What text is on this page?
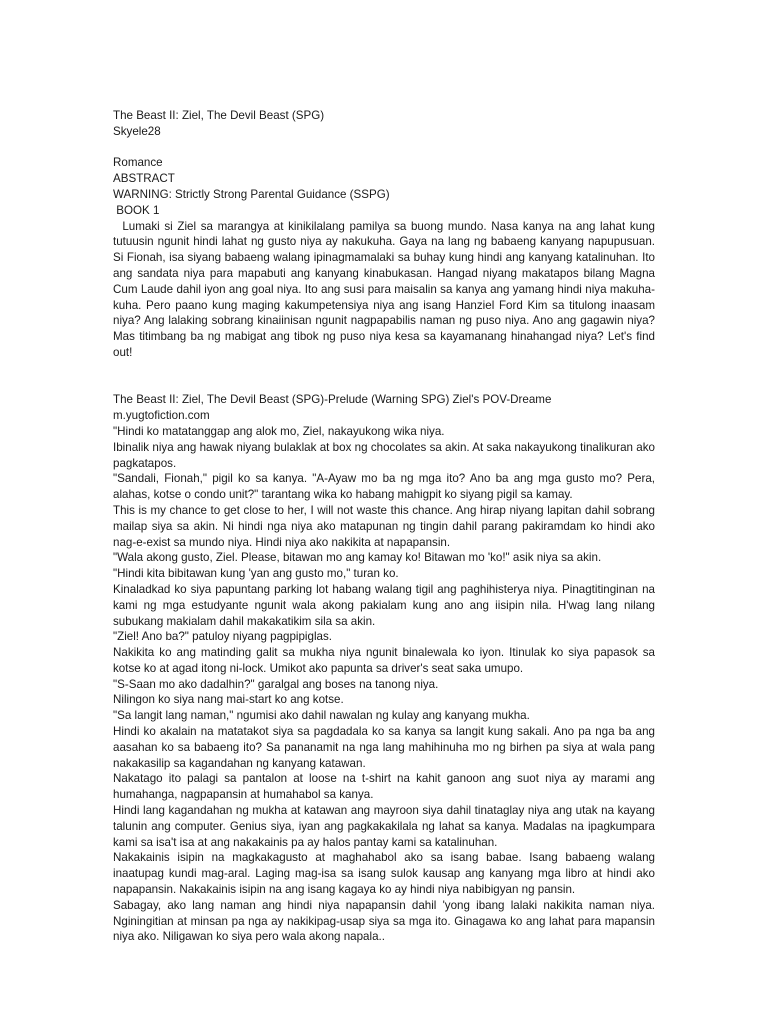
The Beast II: Ziel, The Devil Beast (SPG)
Skyele28
Romance
ABSTRACT
WARNING: Strictly Strong Parental Guidance (SSPG)
BOOK 1

Lumaki si Ziel sa marangya at kinikilalang pamilya sa buong mundo. Nasa kanya na ang lahat kung tutuusin ngunit hindi lahat ng gusto niya ay nakukuha. Gaya na lang ng babaeng kanyang napupusuan. Si Fionah, isa siyang babaeng walang ipinagmamalaki sa buhay kung hindi ang kanyang katalinuhan. Ito ang sandata niya para mapabuti ang kanyang kinabukasan. Hangad niyang makatapos bilang Magna Cum Laude dahil iyon ang goal niya. Ito ang susi para maisalin sa kanya ang yamang hindi niya makuha-kuha. Pero paano kung maging kakumpetensiya niya ang isang Hanziel Ford Kim sa titulong inaasam niya? Ang lalaking sobrang kinaiinisan ngunit nagpapabilis naman ng puso niya. Ano ang gagawin niya? Mas titimbang ba ng mabigat ang tibok ng puso niya kesa sa kayamanang hinahangad niya? Let's find out!

The Beast II: Ziel, The Devil Beast (SPG)-Prelude (Warning SPG) Ziel's POV-Dreame
m.yugtofiction.com

"Hindi ko matatanggap ang alok mo, Ziel, nakayukong wika niya.

Ibinalik niya ang hawak niyang bulaklak at box ng chocolates sa akin. At saka nakayukong tinalikuran ako pagkatapos.

"Sandali, Fionah," pigil ko sa kanya. "A-Ayaw mo ba ng mga ito? Ano ba ang mga gusto mo? Pera, alahas, kotse o condo unit?" tarantang wika ko habang mahigpit ko siyang pigil sa kamay.

This is my chance to get close to her, I will not waste this chance. Ang hirap niyang lapitan dahil sobrang mailap siya sa akin. Ni hindi nga niya ako matapunan ng tingin dahil parang pakiramdam ko hindi ako nag-e-exist sa mundo niya. Hindi niya ako nakikita at napapansin.

"Wala akong gusto, Ziel. Please, bitawan mo ang kamay ko! Bitawan mo 'ko!" asik niya sa akin.

"Hindi kita bibitawan kung 'yan ang gusto mo," turan ko.

Kinaladkad ko siya papuntang parking lot habang walang tigil ang paghihisterya niya. Pinagtitinginan na kami ng mga estudyante ngunit wala akong pakialam kung ano ang iisipin nila. H'wag lang nilang subukang makialam dahil makakatikim sila sa akin.

"Ziel! Ano ba?" patuloy niyang pagpipiglas.

Nakikita ko ang matinding galit sa mukha niya ngunit binalewala ko iyon. Itinulak ko siya papasok sa kotse ko at agad itong ni-lock. Umikot ako papunta sa driver's seat saka umupo.

"S-Saan mo ako dadalhin?" garalgal ang boses na tanong niya.

Nilingon ko siya nang mai-start ko ang kotse.

"Sa langit lang naman," ngumisi ako dahil nawalan ng kulay ang kanyang mukha.

Hindi ko akalain na matatakot siya sa pagdadala ko sa kanya sa langit kung sakali. Ano pa nga ba ang aasahan ko sa babaeng ito? Sa pananamit na nga lang mahihinuha mo ng birhen pa siya at wala pang nakakasilip sa kagandahan ng kanyang katawan.

Nakatago ito palagi sa pantalon at loose na t-shirt na kahit ganoon ang suot niya ay marami ang humahanga, nagpapansin at humahabol sa kanya.

Hindi lang kagandahan ng mukha at katawan ang mayroon siya dahil tinataglay niya ang utak na kayang talunin ang computer. Genius siya, iyan ang pagkakakilala ng lahat sa kanya. Madalas na ipagkumpara kami sa isa't isa at ang nakakainis pa ay halos pantay kami sa katalinuhan.

Nakakainis isipin na magkakagusto at maghahabol ako sa isang babae. Isang babaeng walang inaatupag kundi mag-aral. Laging mag-isa sa isang sulok kausap ang kanyang mga libro at hindi ako napapansin. Nakakainis isipin na ang isang kagaya ko ay hindi niya nabibigyan ng pansin.

Sabagay, ako lang naman ang hindi niya napapansin dahil 'yong ibang lalaki nakikita naman niya. Nginingitian at minsan pa nga ay nakikipag-usap siya sa mga ito. Ginagawa ko ang lahat para mapansin niya ako. Niligawan ko siya pero wala akong napala..
